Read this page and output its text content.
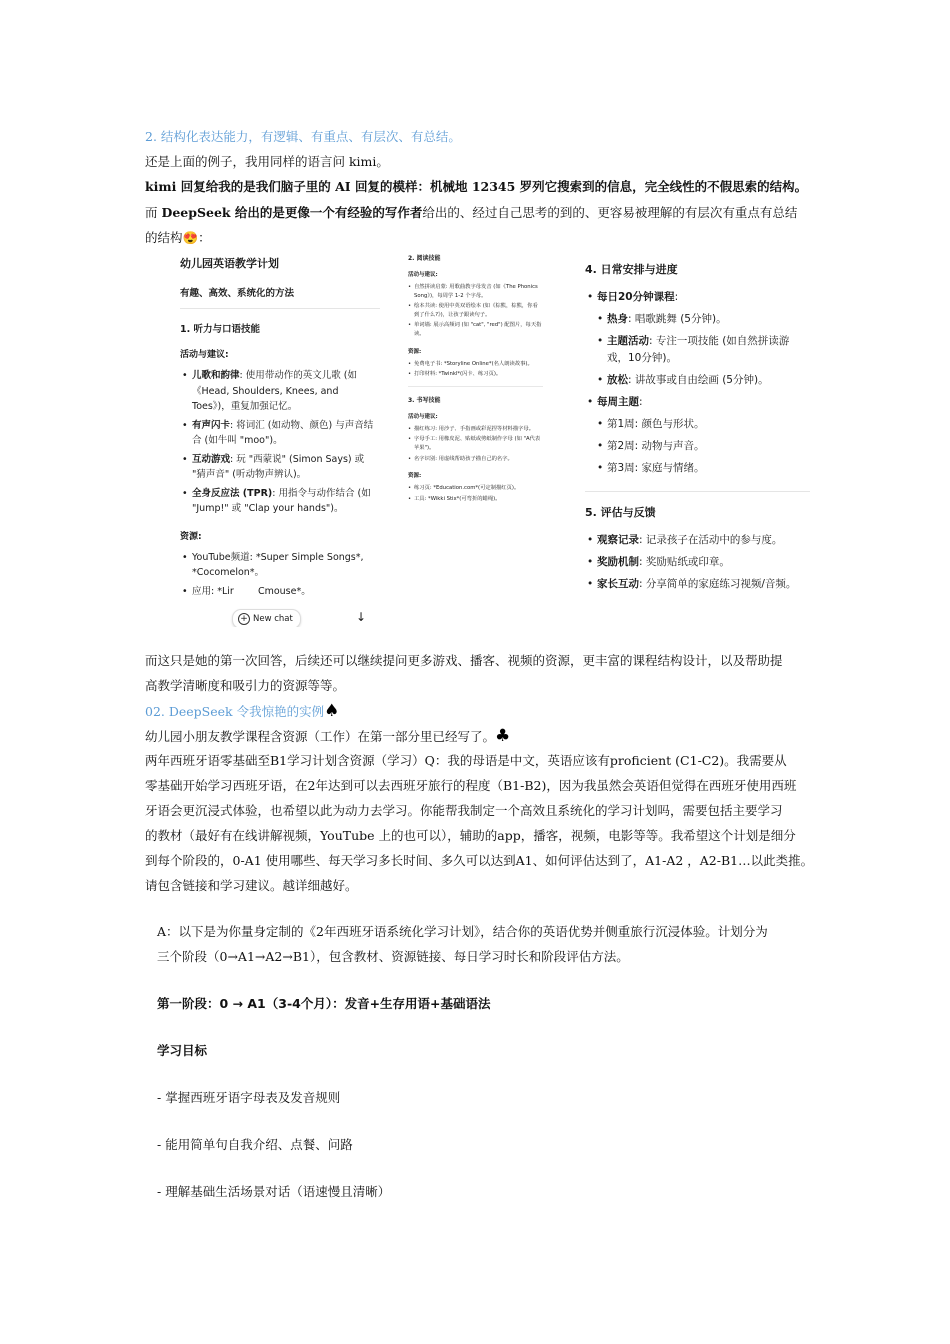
2. 结构化表达能力，有逻辑、有重点、有层次、有总结。
还是上面的例子，我用同样的语言问 kimi。
kimi 回复给我的是我们脑子里的 AI 回复的模样：机械地 12345 罗列它搜索到的信息，完全线性的不假思索的结构。
而 DeepSeek 给出的是更像一个有经验的写作者给出的、经过自己思考的到的、更容易被理解的有层次有重点有总结
的结构😍：
幼儿园英语教学计划
有趣、高效、系统化的方法
1. 听力与口语技能
活动与建议:
• 儿歌和韵律: 使用带动作的英文儿歌 (如《Head, Shoulders, Knees, and Toes》)，重复加强记忆。
• 有声闪卡: 将词汇 (如动物、颜色) 与声音结合 (如牛叫 "moo")。
• 互动游戏: 玩 "西蒙说" (Simon Says) 或 "猜声音" (听动物声辨认)。
• 全身反应法 (TPR): 用指令与动作结合 (如 "Jump!" 或 "Clap your hands")。
资源:
• YouTube频道: *Super Simple Songs*, *Cocomelon*。
• 应用: *Lir        Cmouse*。
+ New chat	↓
2. 阅读技能
活动与建议:
• 自然拼读启蒙: 用歌曲教字母发音 (如《The Phonics Song》)，每周学 1-2 个字母。
• 绘本共读: 使用中英双语绘本 (如《棕熊，棕熊，你看到了什么?》)，让孩子跟读句子。
• 单词墙: 展示高频词 (如 "cat", "red") 配图片，每天指读。
资源:
• 免费电子书: *Storyline Online*(名人朗读故事)。
• 打印材料: *Twinkl*(闪卡、练习页)。
3. 书写技能
活动与建议:
• 描红练习: 用沙子、手指画或彩泥捏等材料描字母。
• 字母手工: 用橡皮泥、贴纸或剪纸制作字母 (如 "A代表苹果")。
• 名字识别: 用虚线帮助孩子描自己的名字。
资源:
• 练习页: *Education.com*(可定制描红页)。
• 工具: *Wikki Stix*(可弯折的蜡绳)。
4. 日常安排与进度
• 每日20分钟课程:
• 热身: 唱歌跳舞 (5分钟)。
• 主题活动: 专注一项技能 (如自然拼读游戏，10分钟)。
• 放松: 讲故事或自由绘画 (5分钟)。
• 每周主题:
• 第1周: 颜色与形状。
• 第2周: 动物与声音。
• 第3周: 家庭与情绪。
5. 评估与反馈
• 观察记录: 记录孩子在活动中的参与度。
• 奖励机制: 奖励贴纸或印章。
• 家长互动: 分享简单的家庭练习视频/音频。
而这只是她的第一次回答，后续还可以继续提问更多游戏、播客、视频的资源，更丰富的课程结构设计，以及帮助提
高教学清晰度和吸引力的资源等等。
02. DeepSeek 令我惊艳的实例♠
幼儿园小朋友教学课程含资源（工作）在第一部分里已经写了。♣
两年西班牙语零基础至B1学习计划含资源（学习）Q：我的母语是中文，英语应该有proficient (C1-C2)。我需要从
零基础开始学习西班牙语，在2年达到可以去西班牙旅行的程度（B1-B2)，因为我虽然会英语但觉得在西班牙使用西班
牙语会更沉浸式体验，也希望以此为动力去学习。你能帮我制定一个高效且系统化的学习计划吗，需要包括主要学习
的教材（最好有在线讲解视频，YouTube 上的也可以），辅助的app，播客，视频，电影等等。我希望这个计划是细分
到每个阶段的，0-A1 使用哪些、每天学习多长时间、多久可以达到A1、如何评估达到了，A1-A2 ，A2-B1…以此类推。
请包含链接和学习建议。越详细越好。
A：以下是为你量身定制的《2年西班牙语系统化学习计划》，结合你的英语优势并侧重旅行沉浸体验。计划分为
三个阶段（0→A1→A2→B1），包含教材、资源链接、每日学习时长和阶段评估方法。
第一阶段：0 → A1（3-4个月）：发音+生存用语+基础语法
学习目标
- 掌握西班牙语字母表及发音规则
- 能用简单句自我介绍、点餐、问路
- 理解基础生活场景对话（语速慢且清晰）
